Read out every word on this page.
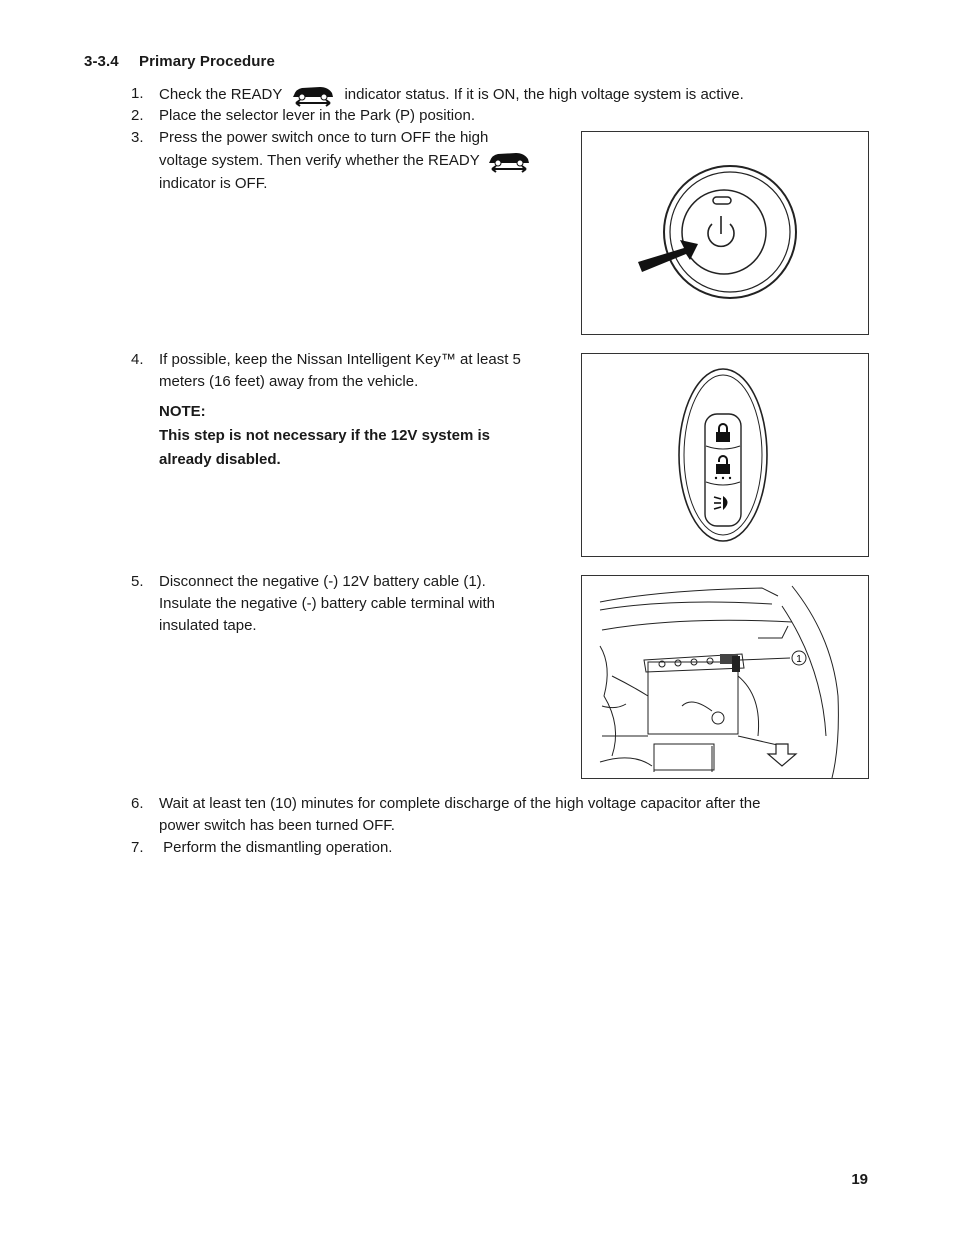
3-3.4 Primary Procedure
1.	Check the READY	indicator status. If it is ON, the high voltage system is active.
2.	Place the selector lever in the Park (P) position.
3.	Press the power switch once to turn OFF the high
voltage system. Then verify whether the READY
indicator is OFF.
4.	If possible, keep the Nissan Intelligent Key™ at least 5
meters (16 feet) away from the vehicle.
NOTE:
This step is not necessary if the 12V system is
already disabled.
5.	Disconnect the negative (-) 12V battery cable (1).
Insulate the negative (-) battery cable terminal with
insulated tape.
1
6.	Wait at least ten (10) minutes for complete discharge of the high voltage capacitor after the
power switch has been turned OFF.
7.	Perform the dismantling operation.
19
